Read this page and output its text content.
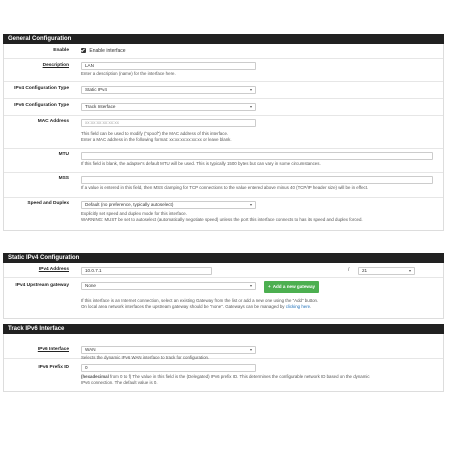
General Configuration
Enable	Enable interface
Description	LAN
Enter a description (name) for the interface here.
IPv4 Configuration Type	Static IPv4
IPv6 Configuration Type	Track Interface
MAC Address	xx:xx:xx:xx:xx:xx
This field can be used to modify ("spoof") the MAC address of this interface.
Enter a MAC address in the following format: xx:xx:xx:xx:xx:xx or leave blank.
MTU
If this field is blank, the adapter's default MTU will be used. This is typically 1500 bytes but can vary in some circumstances.
MSS
If a value is entered in this field, then MSS clamping for TCP connections to the value entered above minus 40 (TCP/IP header size) will be in effect.
Speed and Duplex	Default (no preference, typically autoselect)
Explicitly set speed and duplex mode for this interface.
WARNING: MUST be set to autoselect (automatically negotiate speed) unless the port this interface connects to has its speed and duplex forced.
Static IPv4 Configuration
IPv4 Address	10.0.7.1	/	21
IPv4 Upstream gateway	None	+ Add a new gateway
If this interface is an Internet connection, select an existing Gateway from the list or add a new one using the "Add" button.
On local area network interfaces the upstream gateway should be "none". Gateways can be managed by clicking here.
Track IPv6 Interface
IPv6 Interface	WAN
Selects the dynamic IPv6 WAN interface to track for configuration.
IPv6 Prefix ID	0
(hexadecimal from 0 to f) The value in this field is the (Delegated) IPv6 prefix ID. This determines the configurable network ID based on the dynamic
IPv6 connection. The default value is 0.
